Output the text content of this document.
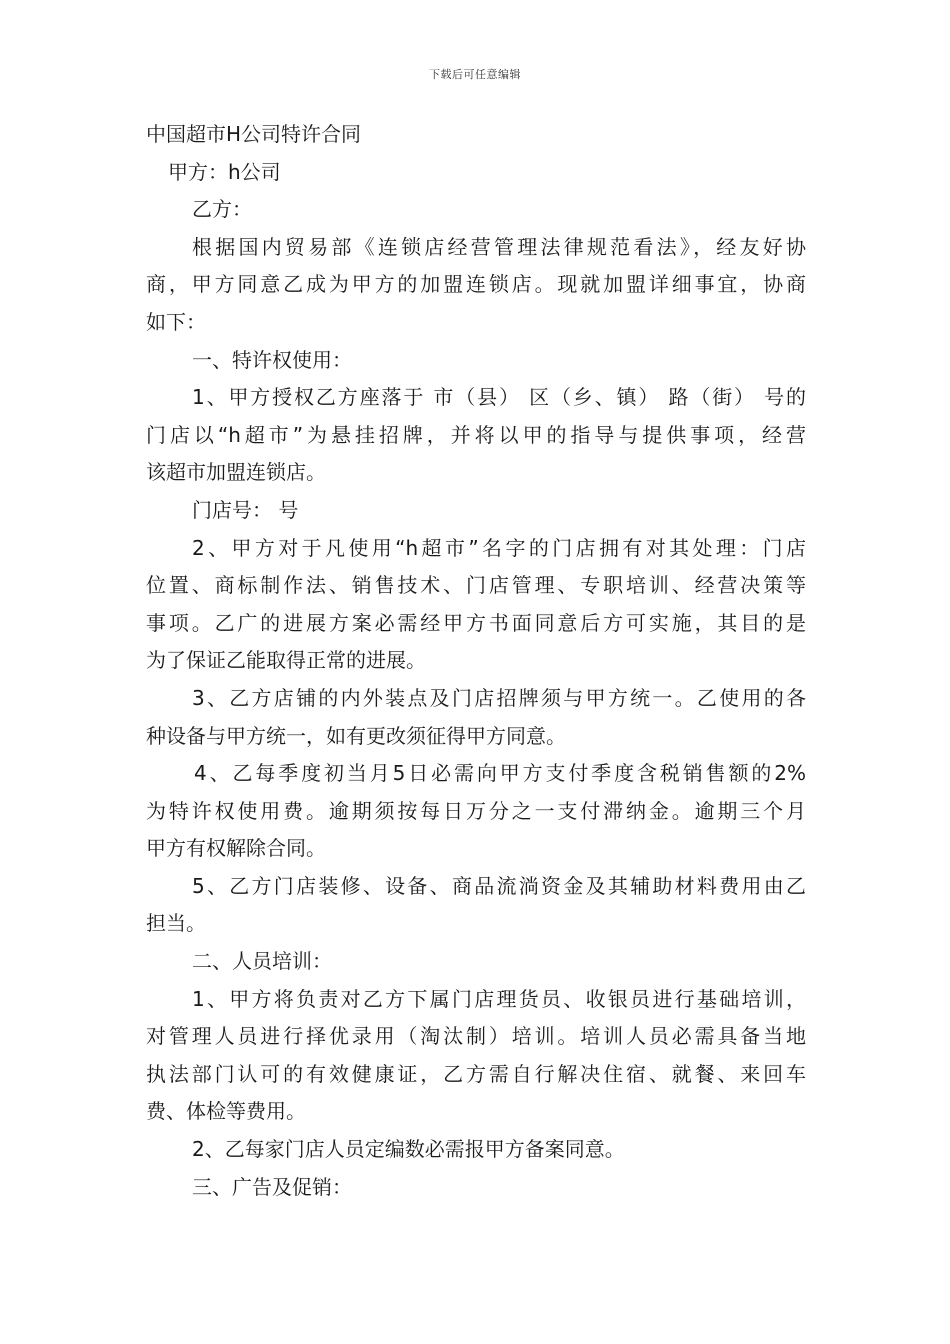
下载后可任意编辑

中国超市H公司特许合同

甲方：h公司

乙方：

根据国内贸易部《连锁店经营管理法律规范看法》，经友好协

商，甲方同意乙成为甲方的加盟连锁店。现就加盟详细事宜，协商

如下：

一、特许权使用：

1、甲方授权乙方座落于 市（县） 区（乡、镇） 路（街） 号的

门店以“h超市”为悬挂招牌，并将以甲的指导与提供事项，经营

该超市加盟连锁店。

门店号： 号

2、甲方对于凡使用“h超市”名字的门店拥有对其处理：门店

位置、商标制作法、销售技术、门店管理、专职培训、经营决策等

事项。乙广的进展方案必需经甲方书面同意后方可实施，其目的是

为了保证乙能取得正常的进展。

3、乙方店铺的内外装点及门店招牌须与甲方统一。乙使用的各

种设备与甲方统一，如有更改须征得甲方同意。

4、乙每季度初当月5日必需向甲方支付季度含税销售额的2%

为特许权使用费。逾期须按每日万分之一支付滞纳金。逾期三个月

甲方有权解除合同。

5、乙方门店装修、设备、商品流淌资金及其辅助材料费用由乙

担当。

二、人员培训：

1、甲方将负责对乙方下属门店理货员、收银员进行基础培训，

对管理人员进行择优录用（淘汰制）培训。培训人员必需具备当地

执法部门认可的有效健康证，乙方需自行解决住宿、就餐、来回车

费、体检等费用。

2、乙每家门店人员定编数必需报甲方备案同意。

三、广告及促销：
